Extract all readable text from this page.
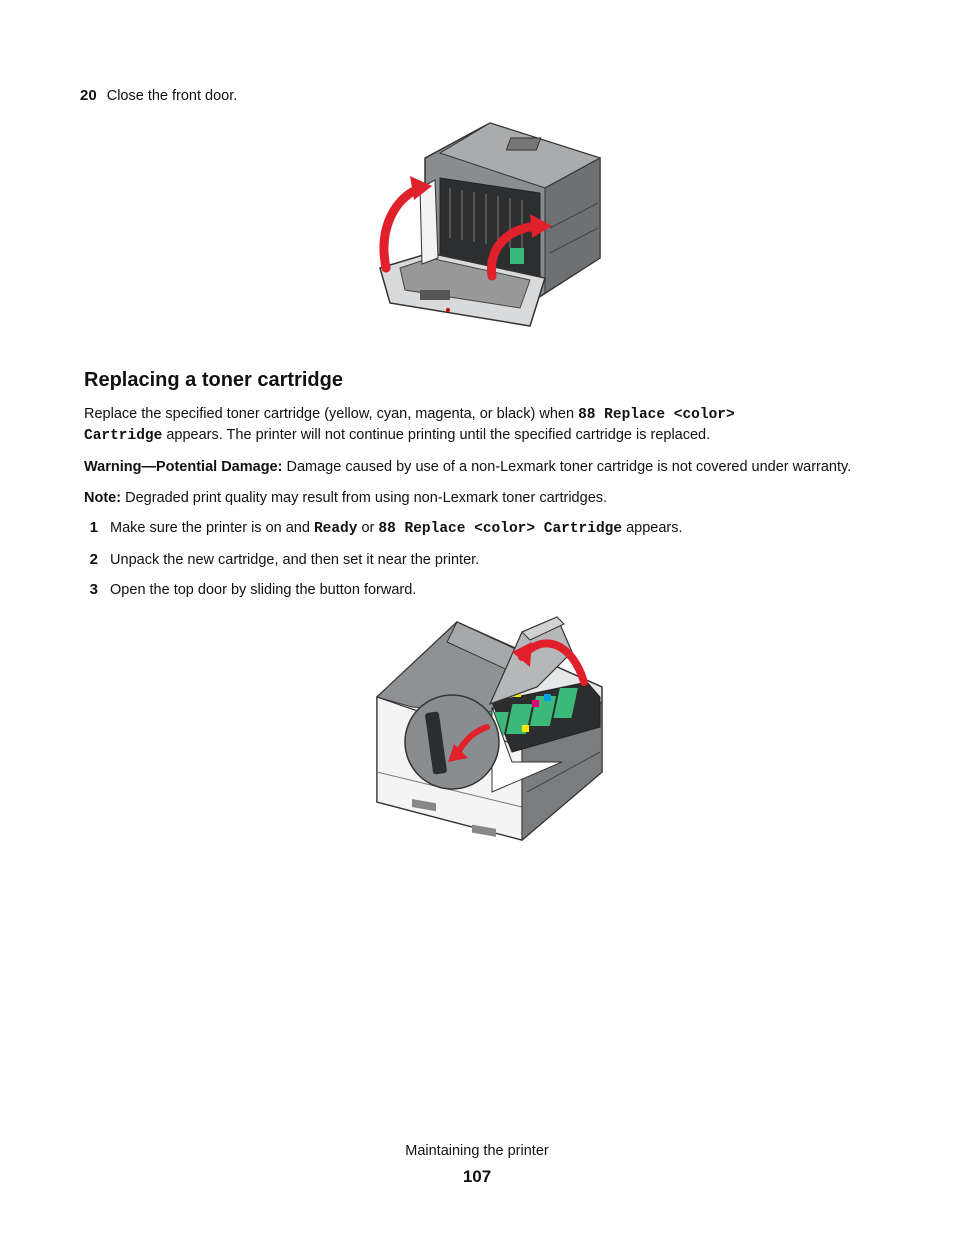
20 Close the front door.
Replacing a toner cartridge
Replace the specified toner cartridge (yellow, cyan, magenta, or black) when 88 Replace <color>
Cartridge appears. The printer will not continue printing until the specified cartridge is replaced.
Warning—Potential Damage: Damage caused by use of a non-Lexmark toner cartridge is not covered under warranty.
Note: Degraded print quality may result from using non-Lexmark toner cartridges.
1 Make sure the printer is on and Ready or 88 Replace <color> Cartridge appears.
2 Unpack the new cartridge, and then set it near the printer.
3 Open the top door by sliding the button forward.
Maintaining the printer
107
